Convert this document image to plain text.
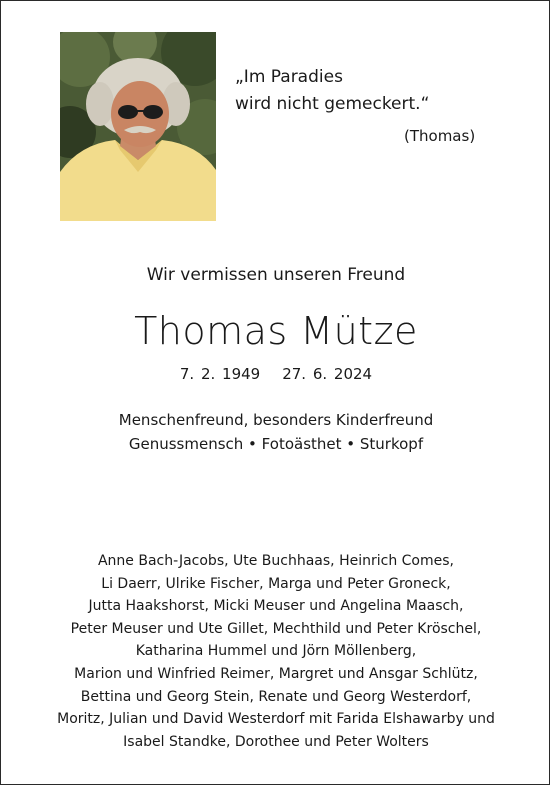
„Im Paradies
wird nicht gemeckert.“
(Thomas)
Wir vermissen unseren Freund
Thomas Mütze
7. 2. 1949 27. 6. 2024
Menschenfreund, besonders Kinderfreund
Genussmensch • Fotoästhet • Sturkopf
Anne Bach-Jacobs, Ute Buchhaas, Heinrich Comes,
Li Daerr, Ulrike Fischer, Marga und Peter Groneck,
Jutta Haakshorst, Micki Meuser und Angelina Maasch,
Peter Meuser und Ute Gillet, Mechthild und Peter Kröschel,
Katharina Hummel und Jörn Möllenberg,
Marion und Winfried Reimer, Margret und Ansgar Schlütz,
Bettina und Georg Stein, Renate und Georg Westerdorf,
Moritz, Julian und David Westerdorf mit Farida Elshawarby und
Isabel Standke, Dorothee und Peter Wolters
